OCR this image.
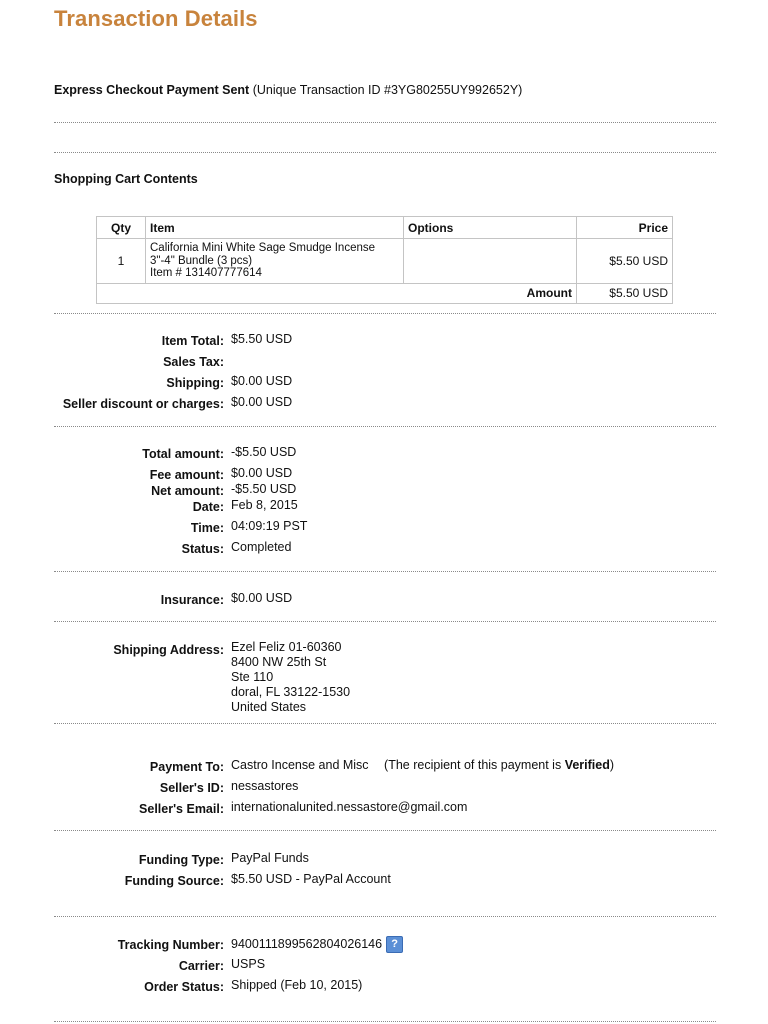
Transaction Details
Express Checkout Payment Sent (Unique Transaction ID #3YG80255UY992652Y)
Shopping Cart Contents
Qty	Item	Options	Price
1	California Mini White Sage Smudge Incense
3"-4" Bundle (3 pcs)
Item # 131407777614		$5.50 USD
Amount			$5.50 USD
Item Total: $5.50 USD
Sales Tax:
Shipping: $0.00 USD
Seller discount or charges: $0.00 USD
Total amount: -$5.50 USD
Fee amount: $0.00 USD
Net amount: -$5.50 USD
Date: Feb 8, 2015
Time: 04:09:19 PST
Status: Completed
Insurance: $0.00 USD
Shipping Address: Ezel Feliz 01-60360
8400 NW 25th St
Ste 110
doral, FL 33122-1530
United States
Payment To: Castro Incense and Misc (The recipient of this payment is Verified)
Seller's ID: nessastores
Seller's Email: internationalunited.nessastore@gmail.com
Funding Type: PayPal Funds
Funding Source: $5.50 USD - PayPal Account
Tracking Number: 9400111899562804026146 ?
Carrier: USPS
Order Status: Shipped (Feb 10, 2015)
